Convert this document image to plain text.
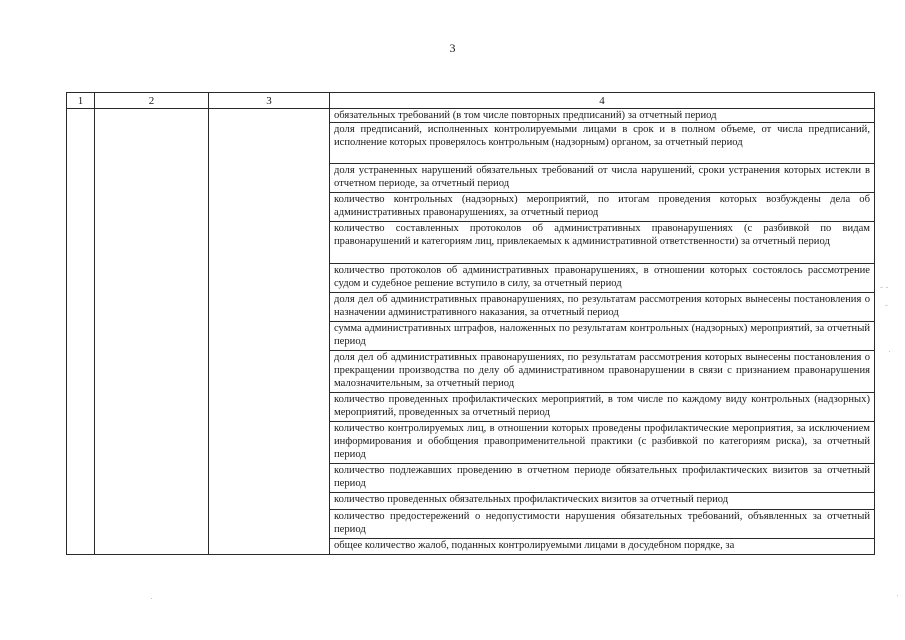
3
1	2	3	4

			обязательных требований (в том числе повторных предписаний) за отчетный период

			доля предписаний, исполненных контролируемыми лицами в срок и в полном объеме, от числа предписаний, исполнение которых проверялось контрольным (надзорным) органом, за отчетный период

			доля устраненных нарушений обязательных требований от числа нарушений, сроки устранения которых истекли в отчетном периоде, за отчетный период

			количество контрольных (надзорных) мероприятий, по итогам проведения которых возбуждены дела об административных правонарушениях, за отчетный период

			количество составленных протоколов об административных правонарушениях (с разбивкой по видам правонарушений и категориям лиц, привлекаемых к административной ответственности) за отчетный период

			количество протоколов об административных правонарушениях, в отношении которых состоялось рассмотрение судом и судебное решение вступило в силу, за отчетный период

			доля дел об административных правонарушениях, по результатам рассмотрения которых вынесены постановления о назначении административного наказания, за отчетный период

			сумма административных штрафов, наложенных по результатам контрольных (надзорных) мероприятий, за отчетный период

			доля дел об административных правонарушениях, по результатам рассмотрения которых вынесены постановления о прекращении производства по делу об административном правонарушении в связи с признанием правонарушения малозначительным, за отчетный период

			количество проведенных профилактических мероприятий, в том числе по каждому виду контрольных (надзорных) мероприятий, проведенных за отчетный период

			количество контролируемых лиц, в отношении которых проведены профилактические мероприятия, за исключением информирования и обобщения правоприменительной практики (с разбивкой по категориям риска), за отчетный период

			количество подлежавших проведению в отчетном периоде обязательных профилактических визитов за отчетный период

			количество проведенных обязательных профилактических визитов за отчетный период

			количество предостережений о недопустимости нарушения обязательных требований, объявленных за отчетный период

			общее количество жалоб, поданных контролируемыми лицами в досудебном порядке, за
- -
-
·
·	·
